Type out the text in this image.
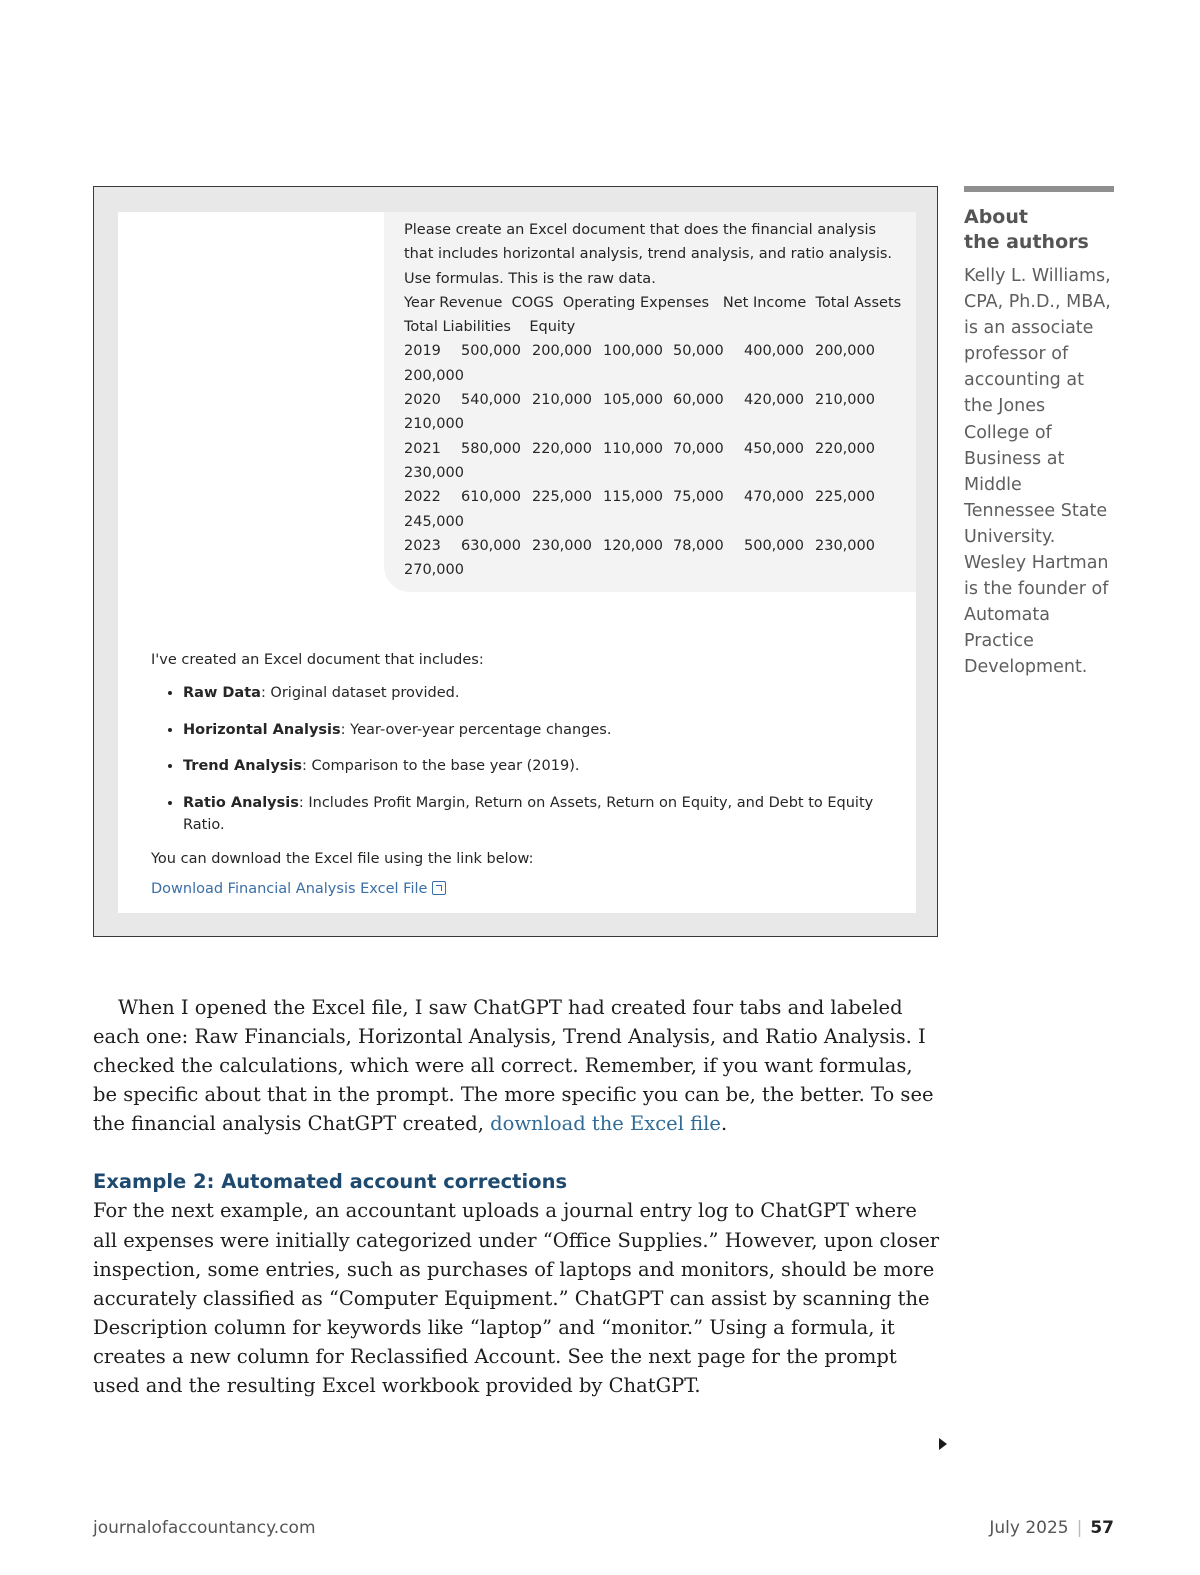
Please create an Excel document that does the financial analysis that includes horizontal analysis, trend analysis, and ratio analysis. Use formulas. This is the raw data.

Year Revenue  COGS  Operating Expenses   Net Income  Total Assets

Total Liabilities    Equity

2019 500,000 200,000 100,000 50,000 400,000 200,000

200,000

2020 540,000 210,000 105,000 60,000 420,000 210,000

210,000

2021 580,000 220,000 110,000 70,000 450,000 220,000

230,000

2022 610,000 225,000 115,000 75,000 470,000 225,000

245,000

2023 630,000 230,000 120,000 78,000 500,000 230,000

270,000

I've created an Excel document that includes:

• Raw Data: Original dataset provided.
• Horizontal Analysis: Year-over-year percentage changes.
• Trend Analysis: Comparison to the base year (2019).
• Ratio Analysis: Includes Profit Margin, Return on Assets, Return on Equity, and Debt to Equity Ratio.

You can download the Excel file using the link below:

Download Financial Analysis Excel File

About
the authors

Kelly L. Williams, CPA, Ph.D., MBA, is an associate professor of accounting at the Jones College of Business at Middle Tennessee State University. Wesley Hartman is the founder of Automata Practice Development.

When I opened the Excel file, I saw ChatGPT had created four tabs and labeled each one: Raw Financials, Horizontal Analysis, Trend Analysis, and Ratio Analysis. I checked the calculations, which were all correct. Remember, if you want formulas, be specific about that in the prompt. The more specific you can be, the better. To see the financial analysis ChatGPT created, download the Excel file.

Example 2: Automated account corrections

For the next example, an accountant uploads a journal entry log to ChatGPT where all expenses were initially categorized under “Office Supplies.” However, upon closer inspection, some entries, such as purchases of laptops and monitors, should be more accurately classified as “Computer Equipment.” ChatGPT can assist by scanning the Description column for keywords like “laptop” and “monitor.” Using a formula, it creates a new column for Reclassified Account. See the next page for the prompt used and the resulting Excel workbook provided by ChatGPT.

journalofaccountancy.com	July 2025 | 57
